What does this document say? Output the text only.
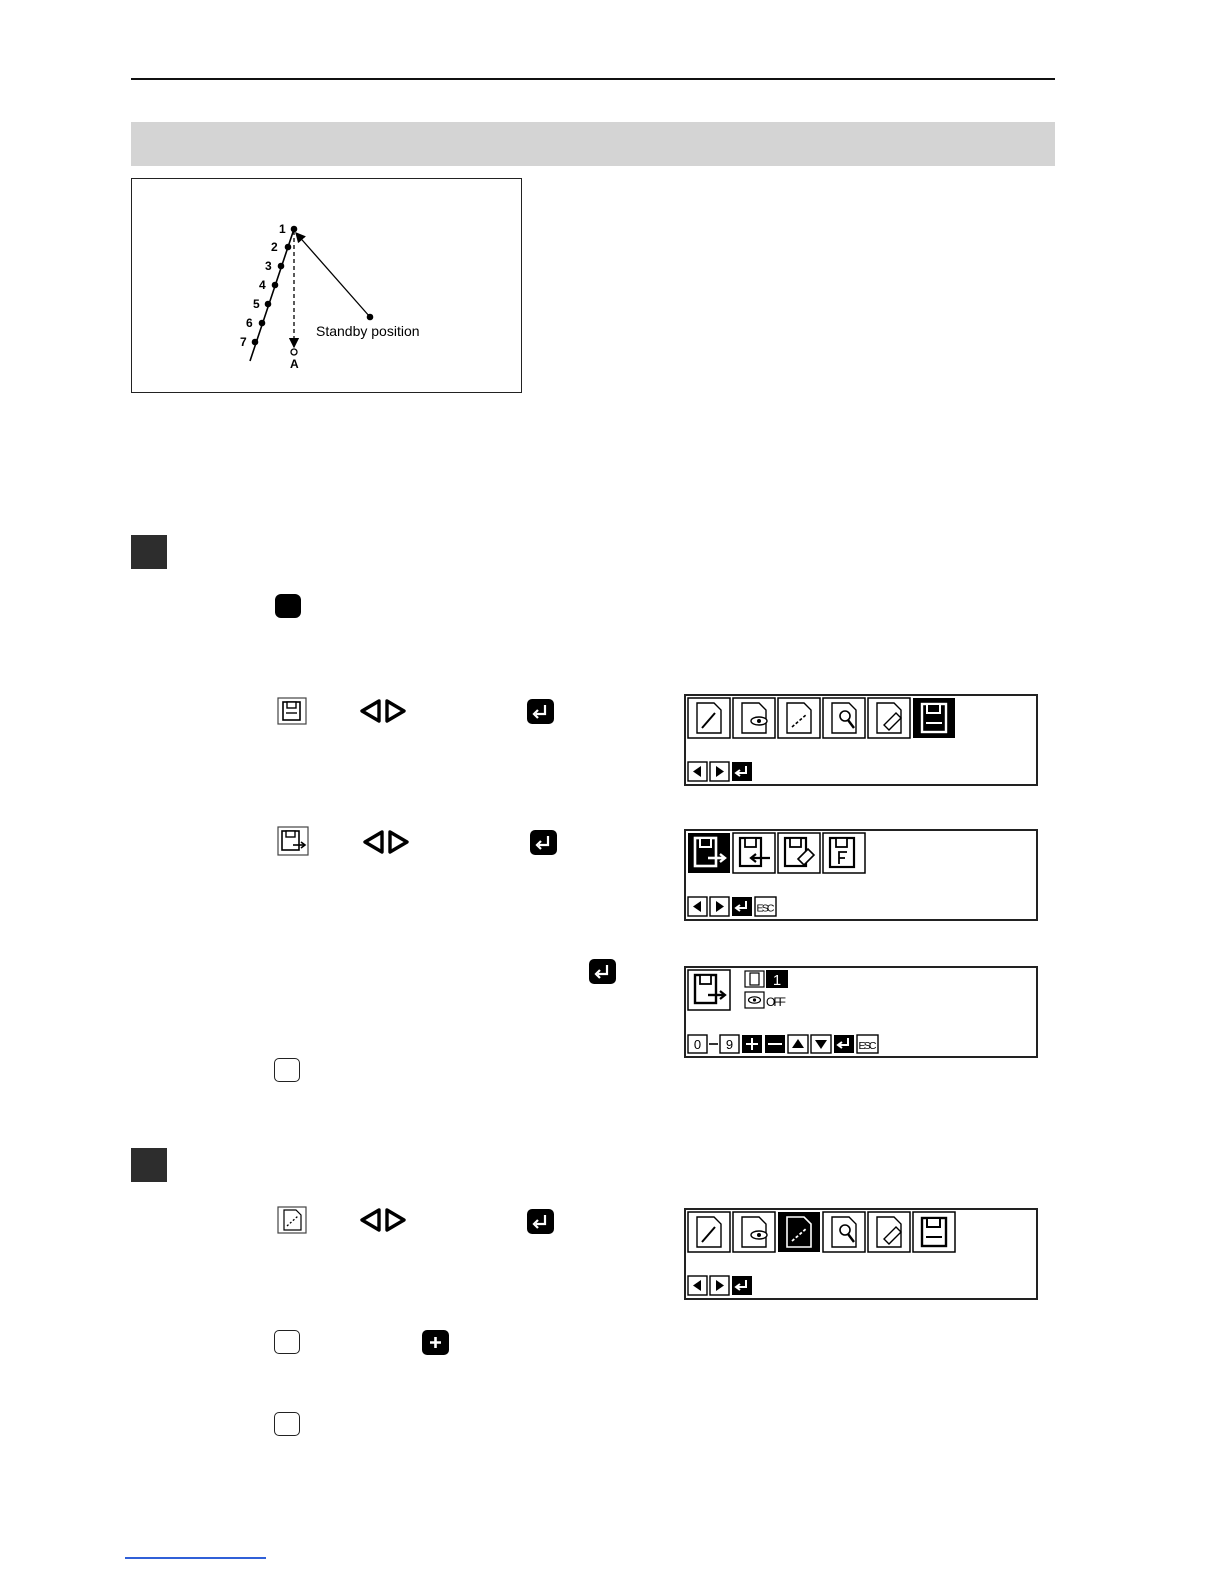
1
2
3
4
5
6
7
A
Standby position
ESC
1
OFF
0 9	ESC
